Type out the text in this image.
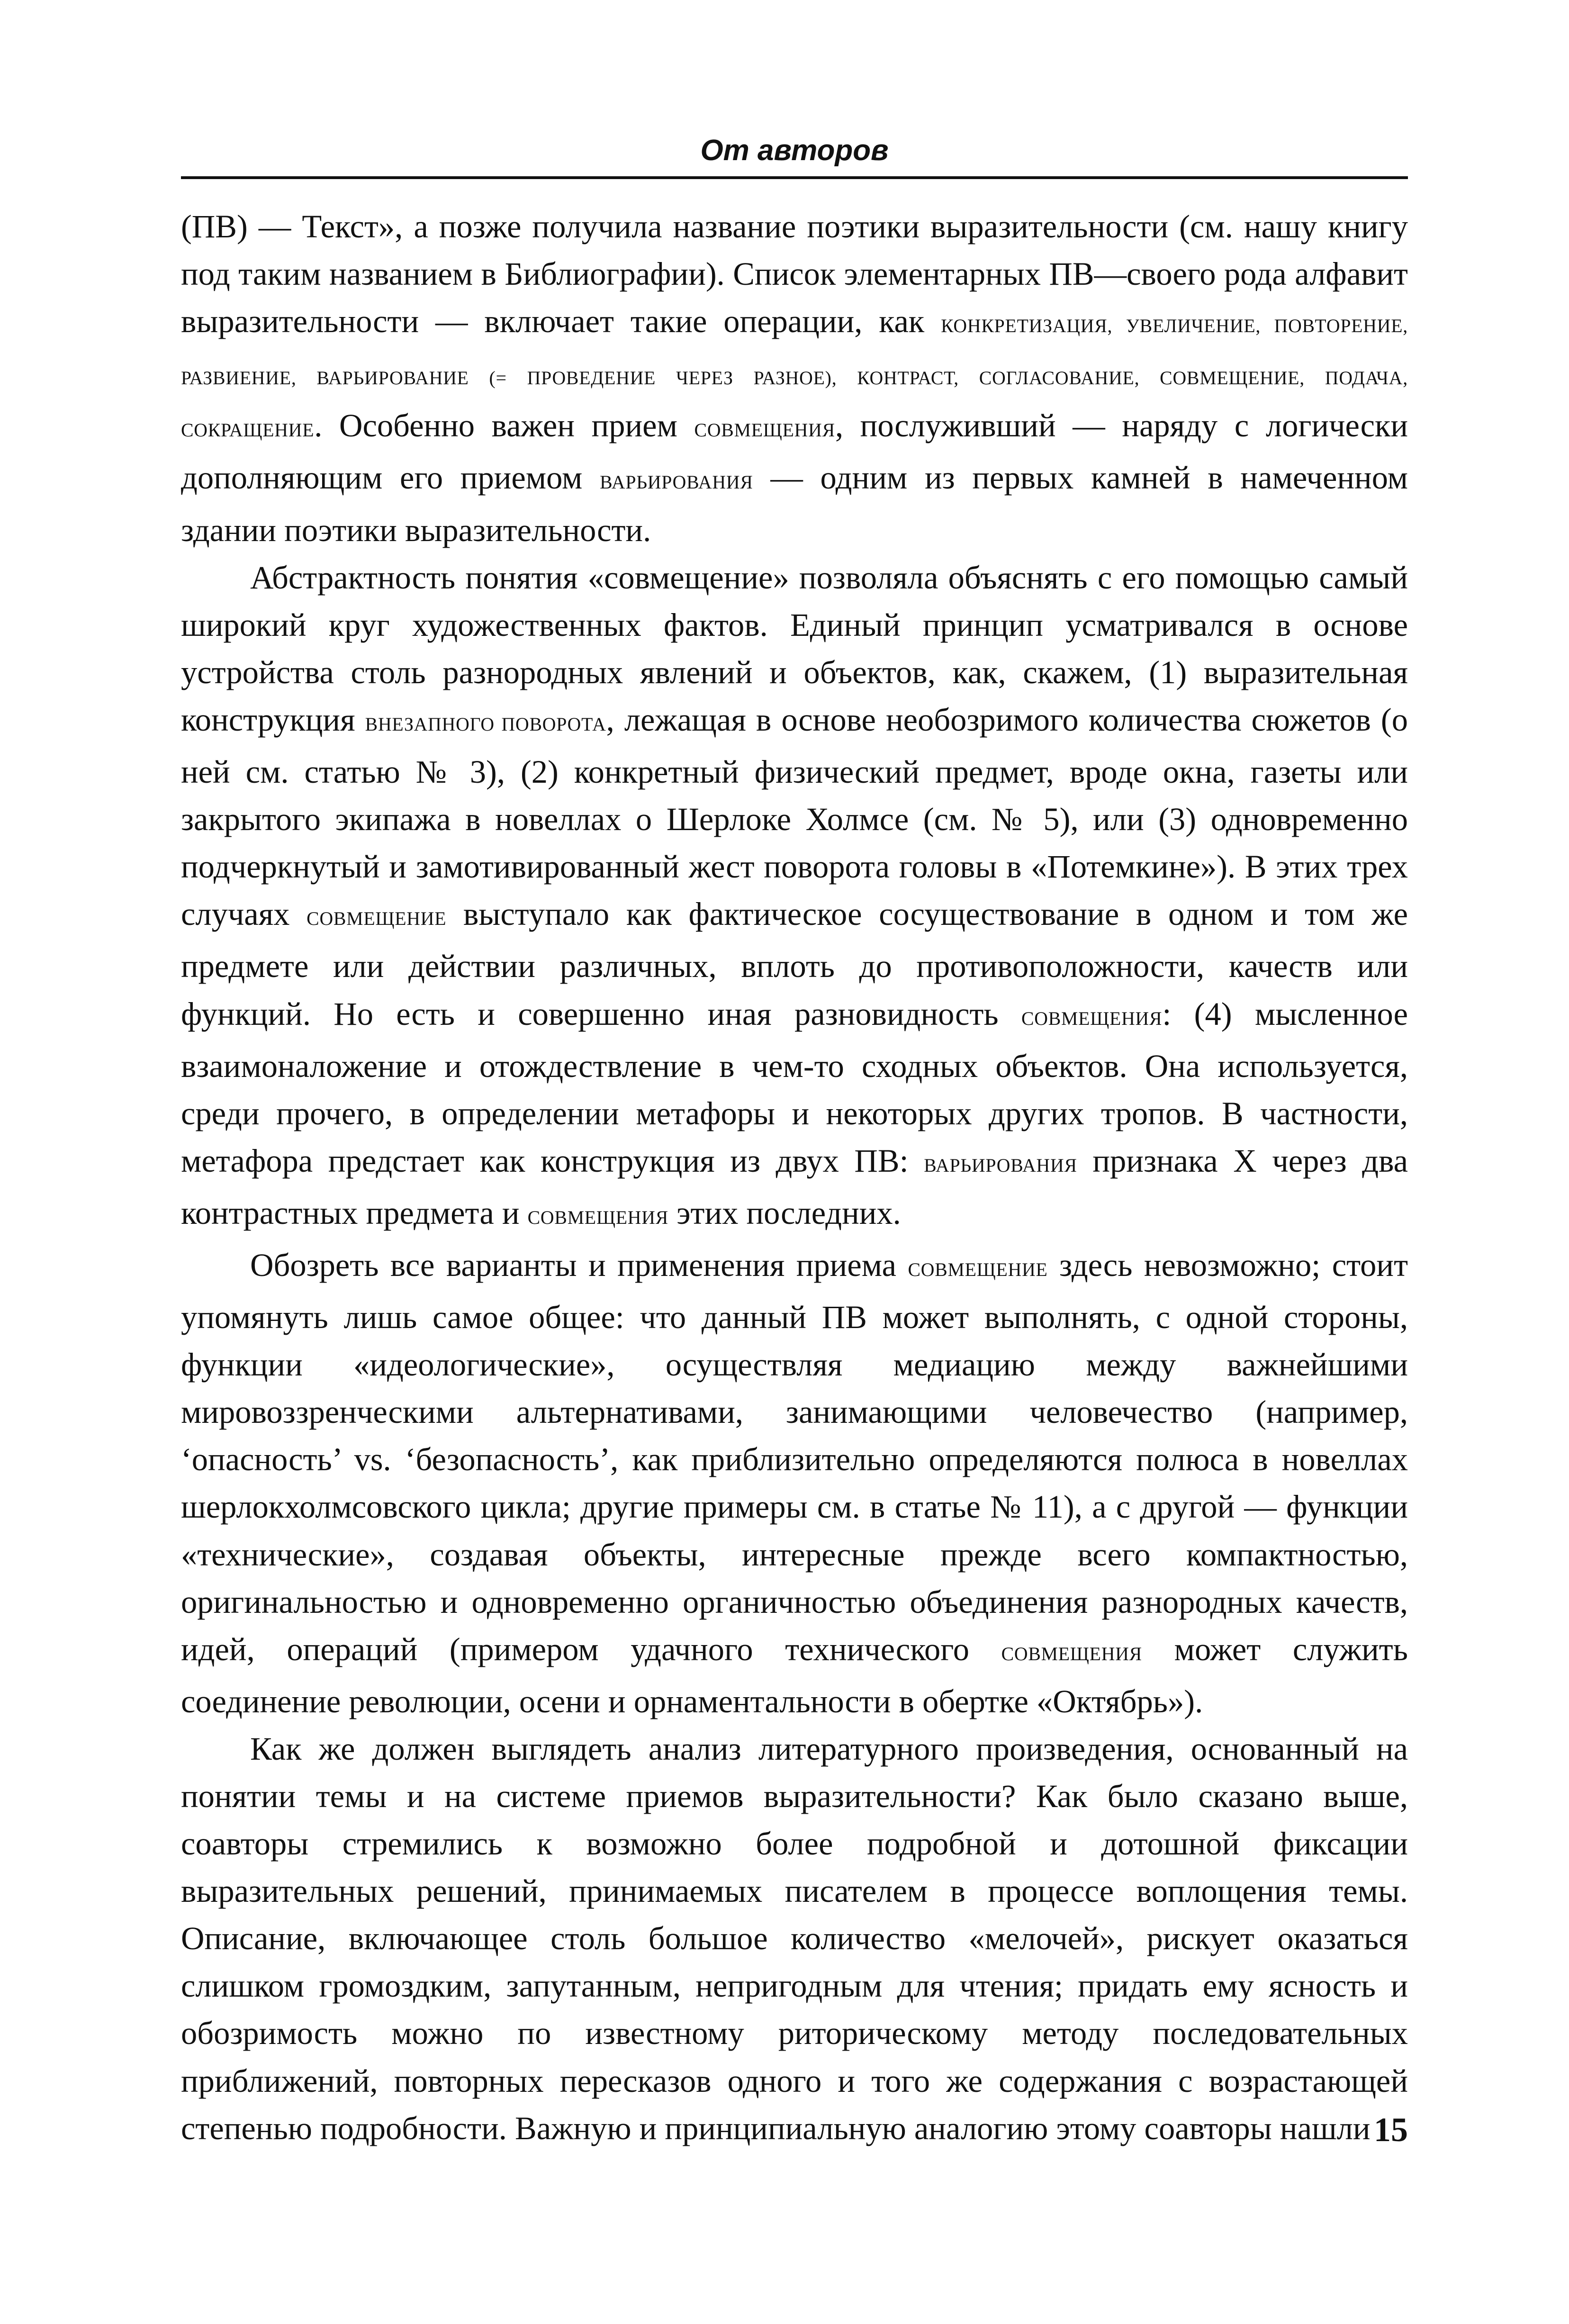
От авторов

(ПВ) — Текст», а позже получила название поэтики выразительности (см. нашу книгу под таким названием в Библиографии). Список элементарных ПВ—своего рода алфавит выразительности — включает такие операции, как КОНКРЕТИЗАЦИЯ, УВЕЛИЧЕНИЕ, ПОВТОРЕНИЕ, РАЗВИЕНИЕ, ВАРЬИРОВАНИЕ (= ПРОВЕДЕНИЕ ЧЕРЕЗ РАЗНОЕ), КОНТРАСТ, СОГЛАСОВАНИЕ, СОВМЕЩЕНИЕ, ПОДАЧА, СОКРАЩЕНИЕ. Особенно важен прием СОВМЕЩЕНИЯ, послуживший — наряду с логически дополняющим его приемом ВАРЬИРОВАНИЯ — одним из первых камней в намеченном здании поэтики выразительности.

Абстрактность понятия «совмещение» позволяла объяснять с его помощью самый широкий круг художественных фактов. Единый принцип усматривался в основе устройства столь разнородных явлений и объектов, как, скажем, (1) выразительная конструкция ВНЕЗАПНОГО ПОВОРОТА, лежащая в основе необозримого количества сюжетов (о ней см. статью № 3), (2) конкретный физический предмет, вроде окна, газеты или закрытого экипажа в новеллах о Шерлоке Холмсе (см. № 5), или (3) одновременно подчеркнутый и замотивированный жест поворота головы в «Потемкине»). В этих трех случаях СОВМЕЩЕНИЕ выступало как фактическое сосуществование в одном и том же предмете или действии различных, вплоть до противоположности, качеств или функций. Но есть и совершенно иная разновидность СОВМЕЩЕНИЯ: (4) мысленное взаимоналожение и отождествление в чем-то сходных объектов. Она используется, среди прочего, в определении метафоры и некоторых других тропов. В частности, метафора предстает как конструкция из двух ПВ: ВАРЬИРОВАНИЯ признака X через два контрастных предмета и СОВМЕЩЕНИЯ этих последних.

Обозреть все варианты и применения приема СОВМЕЩЕНИЕ здесь невозможно; стоит упомянуть лишь самое общее: что данный ПВ может выполнять, с одной стороны, функции «идеологические», осуществляя медиацию между важнейшими мировоззренческими альтернативами, занимающими человечество (например, ‘опасность’ vs. ‘безопасность’, как приблизительно определяются полюса в новеллах шерлокхолмсовского цикла; другие примеры см. в статье № 11), а с другой — функции «технические», создавая объекты, интересные прежде всего компактностью, оригинальностью и одновременно органичностью объединения разнородных качеств, идей, операций (примером удачного технического СОВМЕЩЕНИЯ может служить соединение революции, осени и орнаментальности в обертке «Октябрь»).

Как же должен выглядеть анализ литературного произведения, основанный на понятии темы и на системе приемов выразительности? Как было сказано выше, соавторы стремились к возможно более подробной и дотошной фиксации выразительных решений, принимаемых писателем в процессе воплощения темы. Описание, включающее столь большое количество «мелочей», рискует оказаться слишком громоздким, запутанным, непригодным для чтения; придать ему ясность и обозримость можно по известному риторическому методу последовательных приближений, повторных пересказов одного и того же содержания с возрастающей степенью подробности. Важную и принципиальную аналогию этому соавторы нашли 15
